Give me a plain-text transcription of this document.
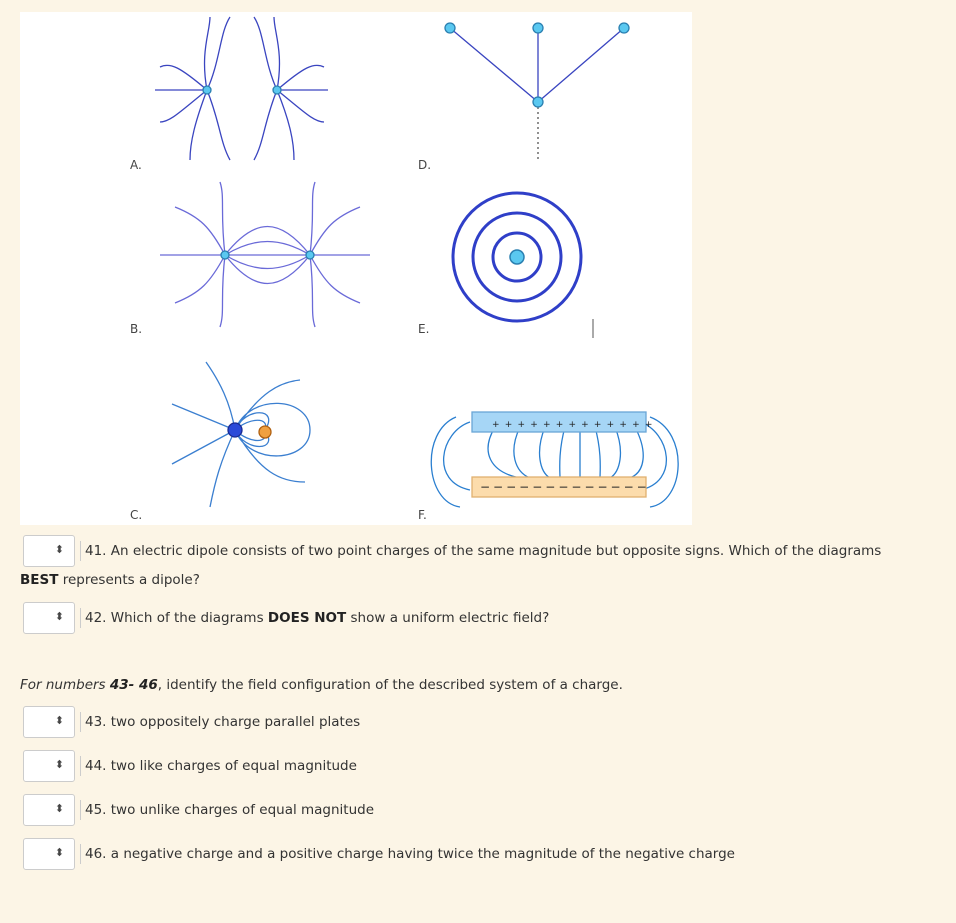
+++++++++++++
−−−−−−−−−−−−−
A.
B.
C.
D.
E.
F.
⬍	41. An electric dipole consists of two point charges of the same magnitude but opposite signs. Which of the diagrams
BEST represents a dipole?
⬍	42. Which of the diagrams DOES NOT show a uniform electric field?
For numbers 43- 46, identify the field configuration of the described system of a charge.
⬍	43. two oppositely charge parallel plates
⬍	44. two like charges of equal magnitude
⬍	45. two unlike charges of equal magnitude
⬍	46. a negative charge and a positive charge having twice the magnitude of the negative charge
